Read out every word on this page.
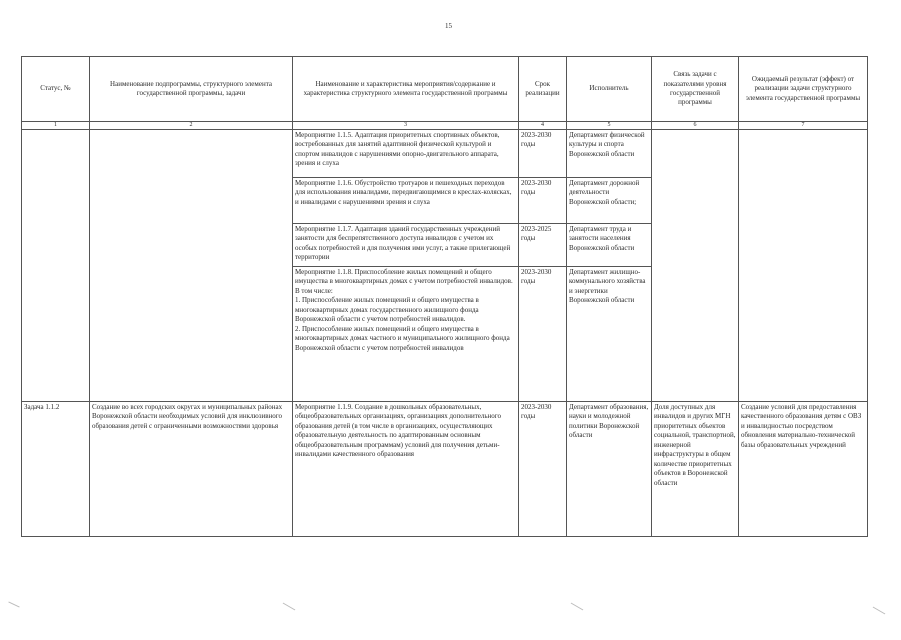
15
Статус, №	Наименование подпрограммы, структурного элемента государственной программы, задачи	Наименование и характеристика мероприятия/содержание и характеристика структурного элемента государственной программы	Срок реализации	Исполнитель	Связь задачи с показателями уровня государственной программы	Ожидаемый результат (эффект) от реализации задачи структурного элемента государственной программы
1	2	3	4	5	6	7
		Мероприятие 1.1.5. Адаптация приоритетных спортивных объектов, востребованных для занятий адаптивной физической культурой и спортом инвалидов с нарушениями опорно-двигательного аппарата, зрения и слуха	2023-2030 годы	Департамент физической культуры и спорта Воронежской области		
		Мероприятие 1.1.6. Обустройство тротуаров и пешеходных переходов для использования инвалидами, передвигающимися в креслах-колясках, и инвалидами с нарушениями зрения и слуха	2023-2030 годы	Департамент дорожной деятельности Воронежской области;		
		Мероприятие 1.1.7. Адаптация зданий государственных учреждений занятости для беспрепятственного доступа инвалидов с учетом их особых потребностей и для получения ими услуг, а также прилегающей территории	2023-2025 годы	Департамент труда и занятости населения Воронежской области		
		Мероприятие 1.1.8. Приспособление жилых помещений и общего имущества в многоквартирных домах с учетом потребностей инвалидов.
В том числе:
1. Приспособление жилых помещений и общего имущества в многоквартирных домах государственного жилищного фонда Воронежской области с учетом потребностей инвалидов.
2. Приспособление жилых помещений и общего имущества в многоквартирных домах частного и муниципального жилищного фонда Воронежской области с учетом потребностей инвалидов	2023-2030 годы	Департамент жилищно-коммунального хозяйства и энергетики Воронежской области		
Задача 1.1.2	Создание во всех городских округах и муниципальных районах Воронежской области необходимых условий для инклюзивного образования детей с ограниченными возможностями здоровья	Мероприятие 1.1.9. Создание в дошкольных образовательных, общеобразовательных организациях, организациях дополнительного образования детей (в том числе в организациях, осуществляющих образовательную деятельность по адаптированным основным общеобразовательным программам) условий для получения детьми-инвалидами качественного образования	2023-2030 годы	Департамент образования, науки и молодежной политики Воронежской области	Доля доступных для инвалидов и других МГН приоритетных объектов социальной, транспортной, инженерной инфраструктуры в общем количестве приоритетных объектов в Воронежской области	Создание условий для предоставления качественного образования детям с ОВЗ и инвалидностью посредством обновления материально-технической базы образовательных учреждений
